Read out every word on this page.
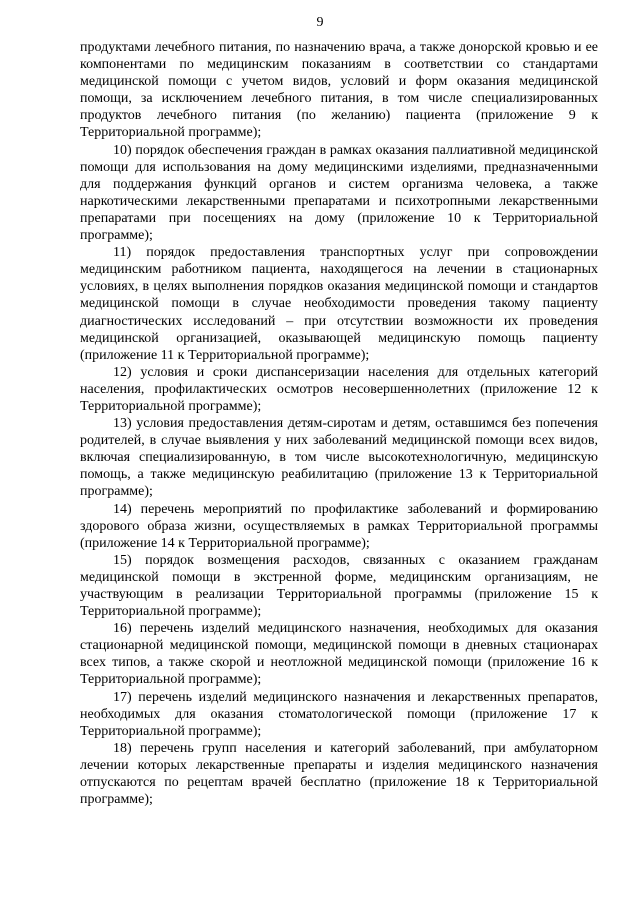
9

продуктами лечебного питания, по назначению врача, а также донорской кровью и ее компонентами по медицинским показаниям в соответствии со стандартами медицинской помощи с учетом видов, условий и форм оказания медицинской помощи, за исключением лечебного питания, в том числе специализированных продуктов лечебного питания (по желанию) пациента (приложение 9 к Территориальной программе);

10) порядок обеспечения граждан в рамках оказания паллиативной медицинской помощи для использования на дому медицинскими изделиями, предназначенными для поддержания функций органов и систем организма человека, а также наркотическими лекарственными препаратами и психотропными лекарственными препаратами при посещениях на дому (приложение 10 к Территориальной программе);

11) порядок предоставления транспортных услуг при сопровождении медицинским работником пациента, находящегося на лечении в стационарных условиях, в целях выполнения порядков оказания медицинской помощи и стандартов медицинской помощи в случае необходимости проведения такому пациенту диагностических исследований – при отсутствии возможности их проведения медицинской организацией, оказывающей медицинскую помощь пациенту (приложение 11 к Территориальной программе);

12) условия и сроки диспансеризации населения для отдельных категорий населения, профилактических осмотров несовершеннолетних (приложение 12 к Территориальной программе);

13) условия предоставления детям-сиротам и детям, оставшимся без попечения родителей, в случае выявления у них заболеваний медицинской помощи всех видов, включая специализированную, в том числе высокотехнологичную, медицинскую помощь, а также медицинскую реабилитацию (приложение 13 к Территориальной программе);

14) перечень мероприятий по профилактике заболеваний и формированию здорового образа жизни, осуществляемых в рамках Территориальной программы (приложение 14 к Территориальной программе);

15) порядок возмещения расходов, связанных с оказанием гражданам медицинской помощи в экстренной форме, медицинским организациям, не участвующим в реализации Территориальной программы (приложение 15 к Территориальной программе);

16) перечень изделий медицинского назначения, необходимых для оказания стационарной медицинской помощи, медицинской помощи в дневных стационарах всех типов, а также скорой и неотложной медицинской помощи (приложение 16 к Территориальной программе);

17) перечень изделий медицинского назначения и лекарственных препаратов, необходимых для оказания стоматологической помощи (приложение 17 к Территориальной программе);

18) перечень групп населения и категорий заболеваний, при амбулаторном лечении которых лекарственные препараты и изделия медицинского назначения отпускаются по рецептам врачей бесплатно (приложение 18 к Территориальной программе);
